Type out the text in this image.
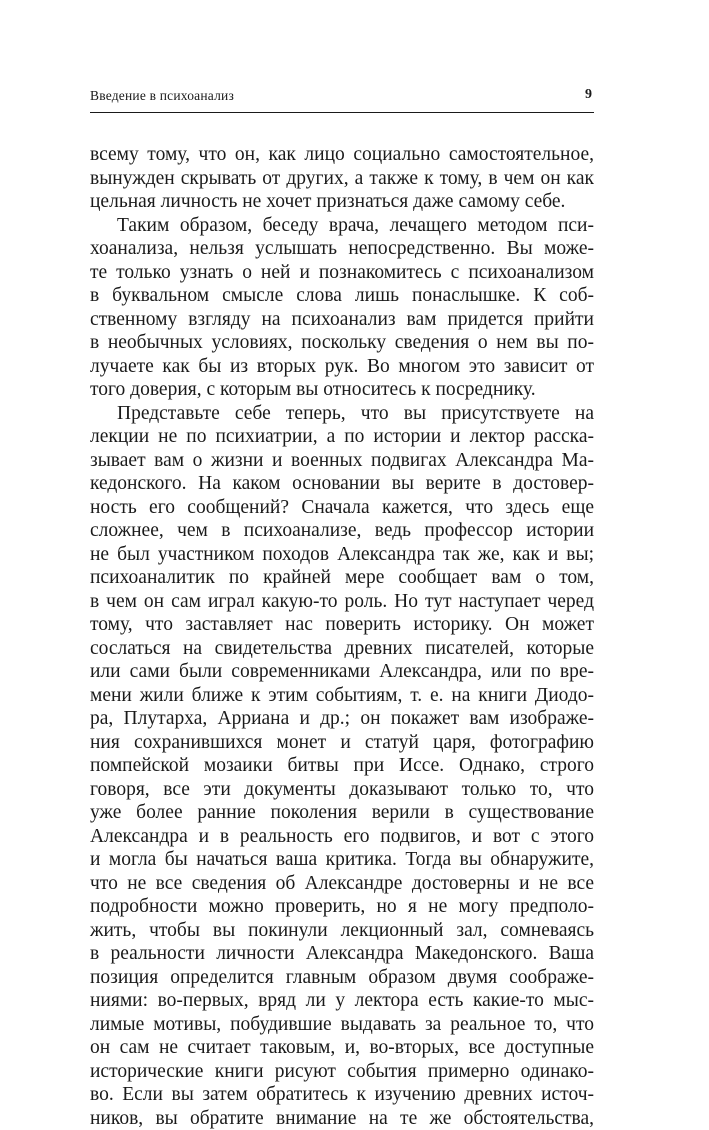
Введение в психоанализ	9
всему тому, что он, как лицо социально самостоятельное,
вынужден скрывать от других, а также к тому, в чем он как
цельная личность не хочет признаться даже самому себе.
Таким образом, беседу врача, лечащего методом пси-
хоанализа, нельзя услышать непосредственно. Вы може-
те только узнать о ней и познакомитесь с психоанализом
в буквальном смысле слова лишь понаслышке. К соб-
ственному взгляду на психоанализ вам придется прийти
в необычных условиях, поскольку сведения о нем вы по-
лучаете как бы из вторых рук. Во многом это зависит от
того доверия, с которым вы относитесь к посреднику.
Представьте себе теперь, что вы присутствуете на
лекции не по психиатрии, а по истории и лектор расска-
зывает вам о жизни и военных подвигах Александра Ма-
кедонского. На каком основании вы верите в достовер-
ность его сообщений? Сначала кажется, что здесь еще
сложнее, чем в психоанализе, ведь профессор истории
не был участником походов Александра так же, как и вы;
психоаналитик по крайней мере сообщает вам о том,
в чем он сам играл какую-то роль. Но тут наступает черед
тому, что заставляет нас поверить историку. Он может
сослаться на свидетельства древних писателей, которые
или сами были современниками Александра, или по вре-
мени жили ближе к этим событиям, т. е. на книги Диодо-
ра, Плутарха, Арриана и др.; он покажет вам изображе-
ния сохранившихся монет и статуй царя, фотографию
помпейской мозаики битвы при Иссе. Однако, строго
говоря, все эти документы доказывают только то, что
уже более ранние поколения верили в существование
Александра и в реальность его подвигов, и вот с этого
и могла бы начаться ваша критика. Тогда вы обнаружите,
что не все сведения об Александре достоверны и не все
подробности можно проверить, но я не могу предполо-
жить, чтобы вы покинули лекционный зал, сомневаясь
в реальности личности Александра Македонского. Ваша
позиция определится главным образом двумя соображе-
ниями: во-первых, вряд ли у лектора есть какие-то мыс-
лимые мотивы, побудившие выдавать за реальное то, что
он сам не считает таковым, и, во-вторых, все доступные
исторические книги рисуют события примерно одинако-
во. Если вы затем обратитесь к изучению древних источ-
ников, вы обратите внимание на те же обстоятельства,
